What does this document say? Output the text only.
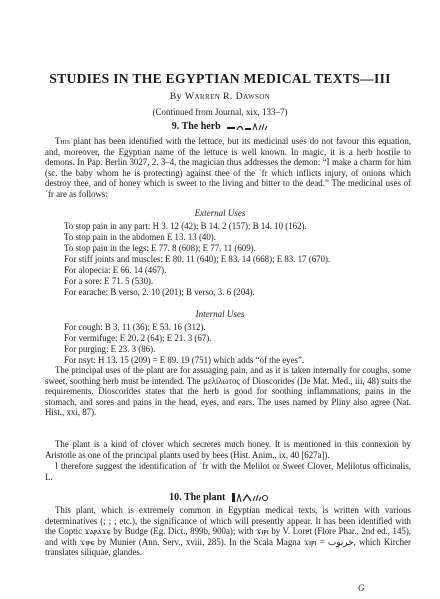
STUDIES IN THE EGYPTIAN MEDICAL TEXTS—III
By Warren R. Dawson
(Continued from Journal, xix, 133–7)
9. The herb
This plant has been identified with the lettuce, but its medicinal uses do not favour this equation, and, moreover, the Egyptian name of the lettuce is well known. In magic, it is a herb hostile to demons. In Pap. Berlin 3027, 2. 3–4, the magician thus addresses the demon: “I make a charm for him (sc. the baby whom he is protecting) against thee of the ʿfr which inflicts injury, of onions which destroy thee, and of honey which is sweet to the living and bitter to the dead.” The medicinal uses of ʿfr are as follows:
External Uses
To stop pain in any part: H 3. 12 (42); B 14. 2 (157); B 14. 10 (162).
To stop pain in the abdomen E 13. 13 (40).
To stop pain in the legs: E 77. 8 (608); E 77. 11 (609).
For stiff joints and muscles: E 80. 11 (640); E 83. 14 (668); E 83. 17 (670).
For alopecia: E 66. 14 (467).
For a sore: E 71. 5 (530).
For earache: B verso, 2. 10 (201); B verso, 3. 6 (204).
Internal Uses
For cough: B 3. 11 (36); E 53. 16 (312).
For vermifuge: E 20. 2 (64); E 21. 3 (67).
For purging: E 23. 3 (86).
For nsyt: H 13. 15 (209) = E 89. 19 (751) which adds “of the eyes”.
The principal uses of the plant are for assuaging pain, and as it is taken internally for coughs, some sweet, soothing herb must be intended. The μελίλωτος of Dioscorides (De Mat. Med., iii, 48) suits the requirements. Dioscorides states that the herb is good for soothing inflammations, pains in the stomach, and sores and pains in the head, eyes, and ears. The uses named by Pliny also agree (Nat. Hist., xxi, 87).
The plant is a kind of clover which secretes much honey. It is mentioned in this connexion by Aristotle as one of the principal plants used by bees (Hist. Anim., ix, 40 [627a]).
I therefore suggest the identification of ʿfr with the Melilot or Sweet Clover, Melilotus officinalis, L.
10. The plant
This plant, which is extremely common in Egyptian medical texts, is written with various determinatives (; ; ; etc.), the significance of which will presently appear. It has been identified with the Coptic ϫⲁⲣⲁϫⲉ by Budge (Eg. Dict., 899b, 900a); with ϫⲓⲣⲓ by V. Loret (Flore Phar., 2nd ed., 145), and with ϫⲓⲣⲉ by Munier (Ann. Serv., xviii, 285). In the Scala Magna ϫⲓⲣⲓ = خرنوب, which Kircher translates siliquae, glandes.
G
